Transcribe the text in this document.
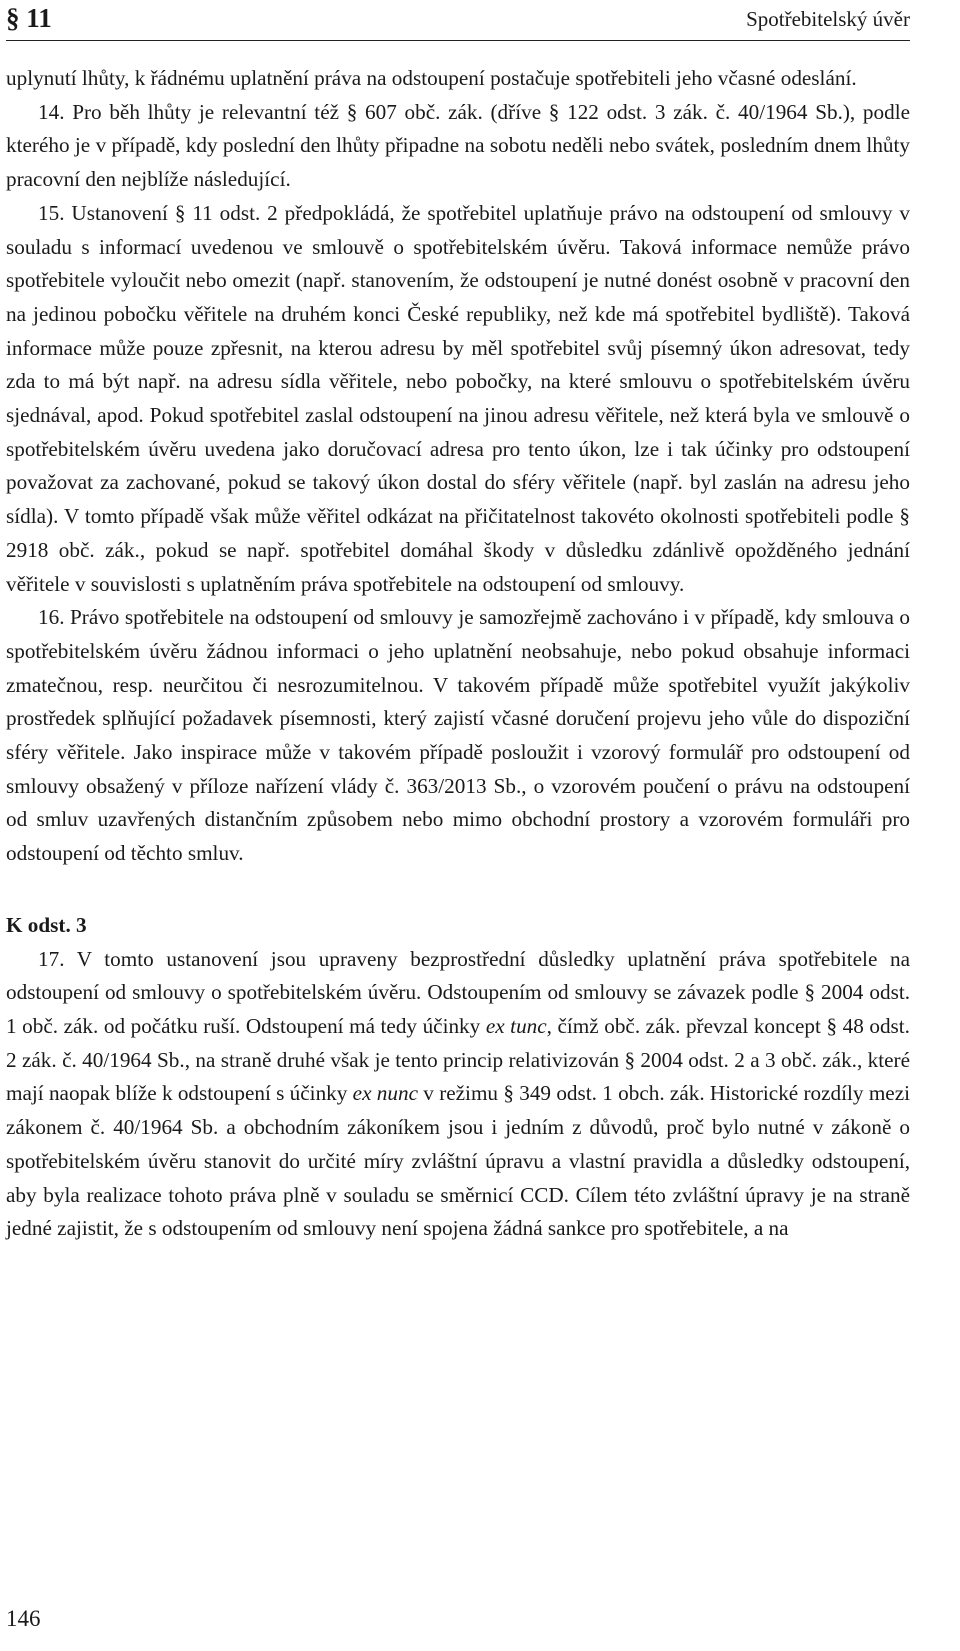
§ 11	Spotřebitelský úvěr

uplynutí lhůty, k řádnému uplatnění práva na odstoupení postačuje spotřebiteli jeho včasné odeslání.

14. Pro běh lhůty je relevantní též § 607 obč. zák. (dříve § 122 odst. 3 zák. č. 40/1964 Sb.), podle kterého je v případě, kdy poslední den lhůty připadne na sobotu neděli nebo svátek, posledním dnem lhůty pracovní den nejblíže následující.

15. Ustanovení § 11 odst. 2 předpokládá, že spotřebitel uplatňuje právo na odstoupení od smlouvy v souladu s informací uvedenou ve smlouvě o spotřebitelském úvěru. Taková informace nemůže právo spotřebitele vyloučit nebo omezit (např. stanovením, že odstoupení je nutné donést osobně v pracovní den na jedinou pobočku věřitele na druhém konci České republiky, než kde má spotřebitel bydliště). Taková informace může pouze zpřesnit, na kterou adresu by měl spotřebitel svůj písemný úkon adresovat, tedy zda to má být např. na adresu sídla věřitele, nebo pobočky, na které smlouvu o spotřebitelském úvěru sjednával, apod. Pokud spotřebitel zaslal odstoupení na jinou adresu věřitele, než která byla ve smlouvě o spotřebitelském úvěru uvedena jako doručovací adresa pro tento úkon, lze i tak účinky pro odstoupení považovat za zachované, pokud se takový úkon dostal do sféry věřitele (např. byl zaslán na adresu jeho sídla). V tomto případě však může věřitel odkázat na přičitatelnost takovéto okolnosti spotřebiteli podle § 2918 obč. zák., pokud se např. spotřebitel domáhal škody v důsledku zdánlivě opožděného jednání věřitele v souvislosti s uplatněním práva spotřebitele na odstoupení od smlouvy.

16. Právo spotřebitele na odstoupení od smlouvy je samozřejmě zachováno i v případě, kdy smlouva o spotřebitelském úvěru žádnou informaci o jeho uplatnění neobsahuje, nebo pokud obsahuje informaci zmatečnou, resp. neurčitou či nesrozumitelnou. V takovém případě může spotřebitel využít jakýkoliv prostředek splňující požadavek písemnosti, který zajistí včasné doručení projevu jeho vůle do dispoziční sféry věřitele. Jako inspirace může v takovém případě posloužit i vzorový formulář pro odstoupení od smlouvy obsažený v příloze nařízení vlády č. 363/2013 Sb., o vzorovém poučení o právu na odstoupení od smluv uzavřených distančním způsobem nebo mimo obchodní prostory a vzorovém formuláři pro odstoupení od těchto smluv.

K odst. 3

17. V tomto ustanovení jsou upraveny bezprostřední důsledky uplatnění práva spotřebitele na odstoupení od smlouvy o spotřebitelském úvěru. Odstoupením od smlouvy se závazek podle § 2004 odst. 1 obč. zák. od počátku ruší. Odstoupení má tedy účinky ex tunc, čímž obč. zák. převzal koncept § 48 odst. 2 zák. č. 40/1964 Sb., na straně druhé však je tento princip relativizován § 2004 odst. 2 a 3 obč. zák., které mají naopak blíže k odstoupení s účinky ex nunc v režimu § 349 odst. 1 obch. zák. Historické rozdíly mezi zákonem č. 40/1964 Sb. a obchodním zákoníkem jsou i jedním z důvodů, proč bylo nutné v zákoně o spotřebitelském úvěru stanovit do určité míry zvláštní úpravu a vlastní pravidla a důsledky odstoupení, aby byla realizace tohoto práva plně v souladu se směrnicí CCD. Cílem této zvláštní úpravy je na straně jedné zajistit, že s odstoupením od smlouvy není spojena žádná sankce pro spotřebitele, a na

146
